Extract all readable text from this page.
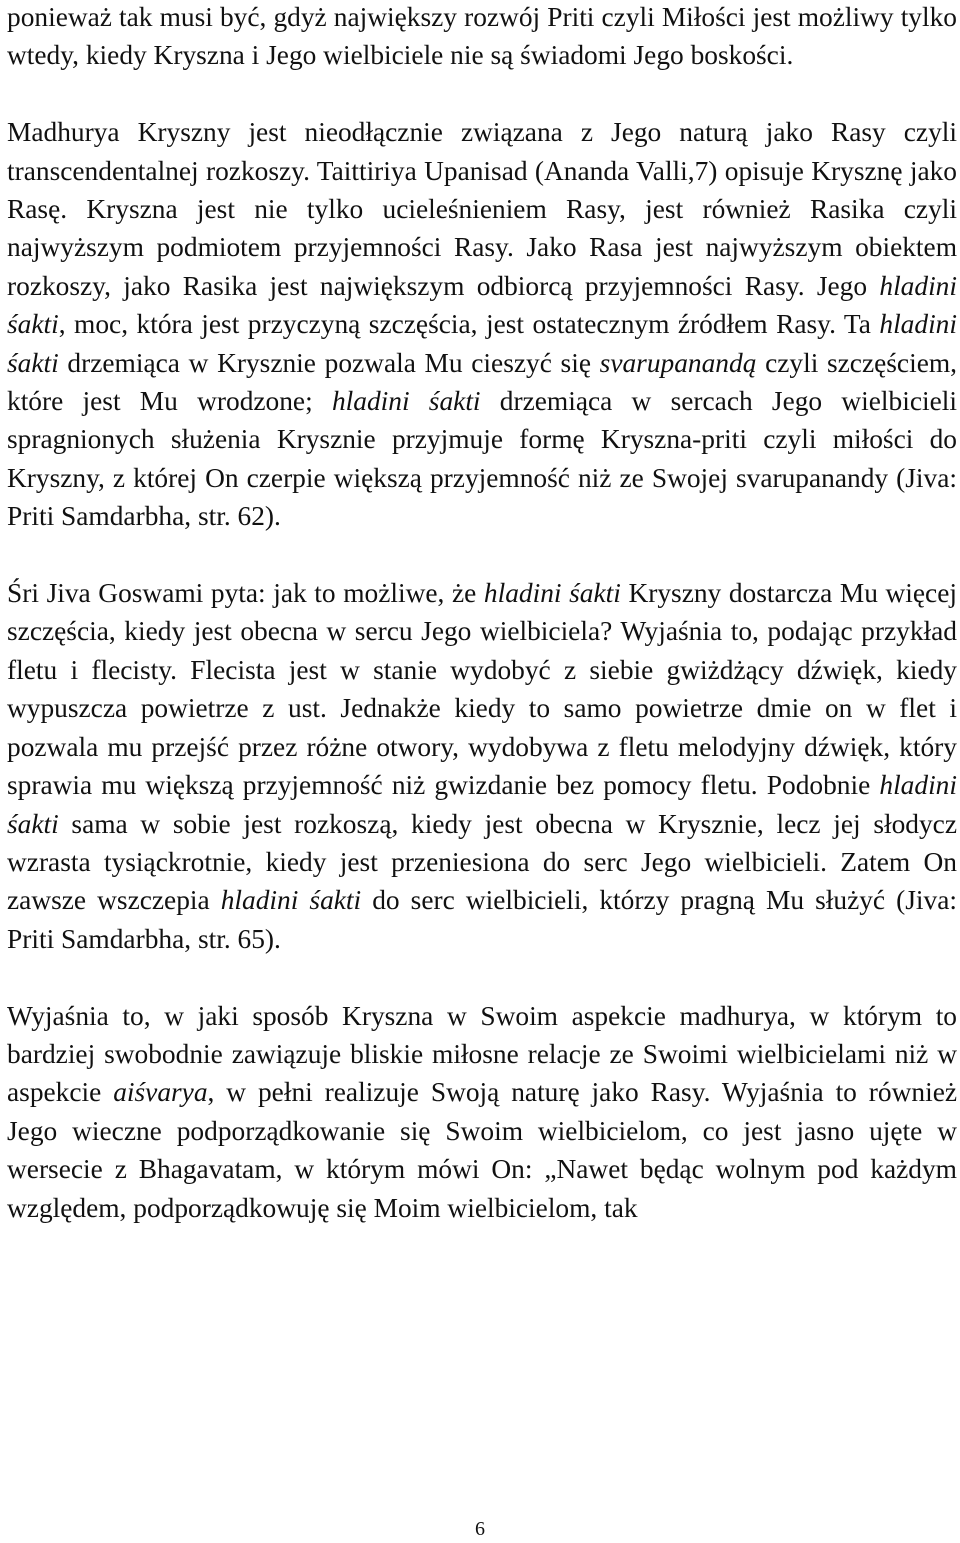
ponieważ tak musi być, gdyż największy rozwój Priti czyli Miłości jest możliwy tylko wtedy, kiedy Kryszna i Jego wielbiciele nie są świadomi Jego boskości.

Madhurya Kryszny jest nieodłącznie związana z Jego naturą jako Rasy czyli transcendentalnej rozkoszy. Taittiriya Upanisad (Ananda Valli,7) opisuje Krysznę jako Rasę. Kryszna jest nie tylko ucieleśnieniem Rasy, jest również Rasika czyli najwyższym podmiotem przyjemności Rasy. Jako Rasa jest najwyższym obiektem rozkoszy, jako Rasika jest największym odbiorcą przyjemności Rasy. Jego hladini śakti, moc, która jest przyczyną szczęścia, jest ostatecznym źródłem Rasy. Ta hladini śakti drzemiąca w Krysznie pozwala Mu cieszyć się svarupanandą czyli szczęściem, które jest Mu wrodzone; hladini śakti drzemiąca w sercach Jego wielbicieli spragnionych służenia Krysznie przyjmuje formę Kryszna-priti czyli miłości do Kryszny, z której On czerpie większą przyjemność niż ze Swojej svarupanandy (Jiva: Priti Samdarbha, str. 62).

Śri Jiva Goswami pyta: jak to możliwe, że hladini śakti Kryszny dostarcza Mu więcej szczęścia, kiedy jest obecna w sercu Jego wielbiciela? Wyjaśnia to, podając przykład fletu i flecisty. Flecista jest w stanie wydobyć z siebie gwiżdżący dźwięk, kiedy wypuszcza powietrze z ust. Jednakże kiedy to samo powietrze dmie on w flet i pozwala mu przejść przez różne otwory, wydobywa z fletu melodyjny dźwięk, który sprawia mu większą przyjemność niż gwizdanie bez pomocy fletu. Podobnie hladini śakti sama w sobie jest rozkoszą, kiedy jest obecna w Krysznie, lecz jej słodycz wzrasta tysiąckrotnie, kiedy jest przeniesiona do serc Jego wielbicieli. Zatem On zawsze wszczepia hladini śakti do serc wielbicieli, którzy pragną Mu służyć (Jiva: Priti Samdarbha, str. 65).

Wyjaśnia to, w jaki sposób Kryszna w Swoim aspekcie madhurya, w którym to bardziej swobodnie zawiązuje bliskie miłosne relacje ze Swoimi wielbicielami niż w aspekcie aiśvarya, w pełni realizuje Swoją naturę jako Rasy. Wyjaśnia to również Jego wieczne podporządkowanie się Swoim wielbicielom, co jest jasno ujęte w wersecie z Bhagavatam, w którym mówi On: „Nawet będąc wolnym pod każdym względem, podporządkowuję się Moim wielbicielom, tak

6
